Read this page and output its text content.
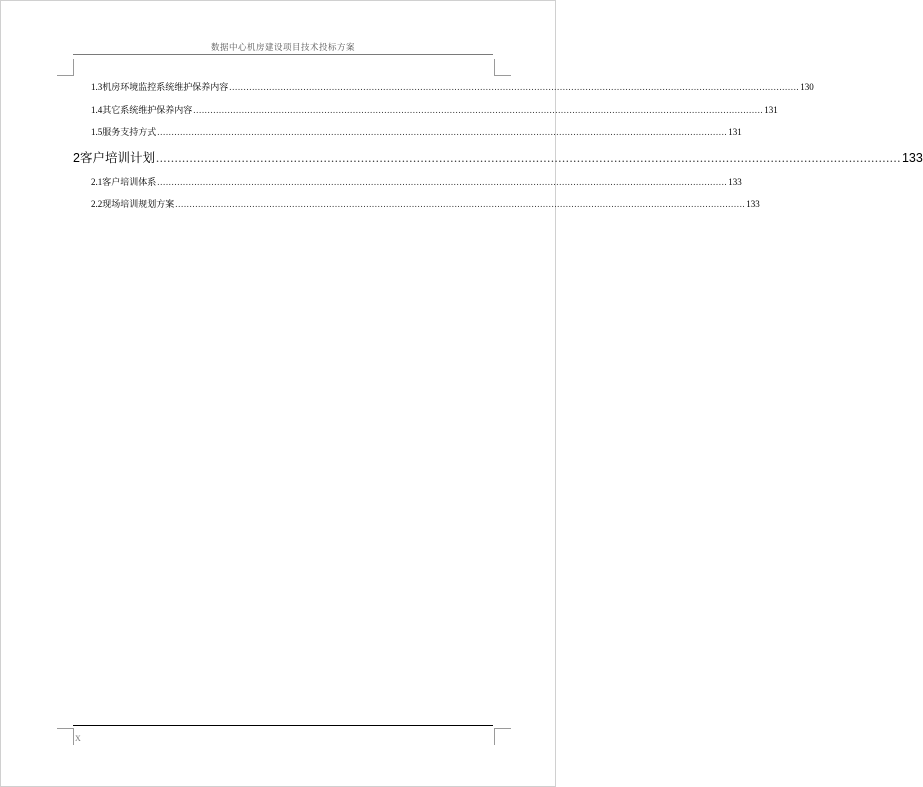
数据中心机房建设项目技术投标方案
1.3 机房环境监控系统维护保养内容 ........................................................................................................................................................................................................ 130
1.4 其它系统维护保养内容 ........................................................................................................................................................................................................ 131
1.5 服务支持方式 ........................................................................................................................................................................................................ 131
2 客户培训计划 ........................................................................................................................................................................................................ 133
2.1 客户培训体系 ........................................................................................................................................................................................................ 133
2.2 现场培训规划方案 ........................................................................................................................................................................................................ 133
X
